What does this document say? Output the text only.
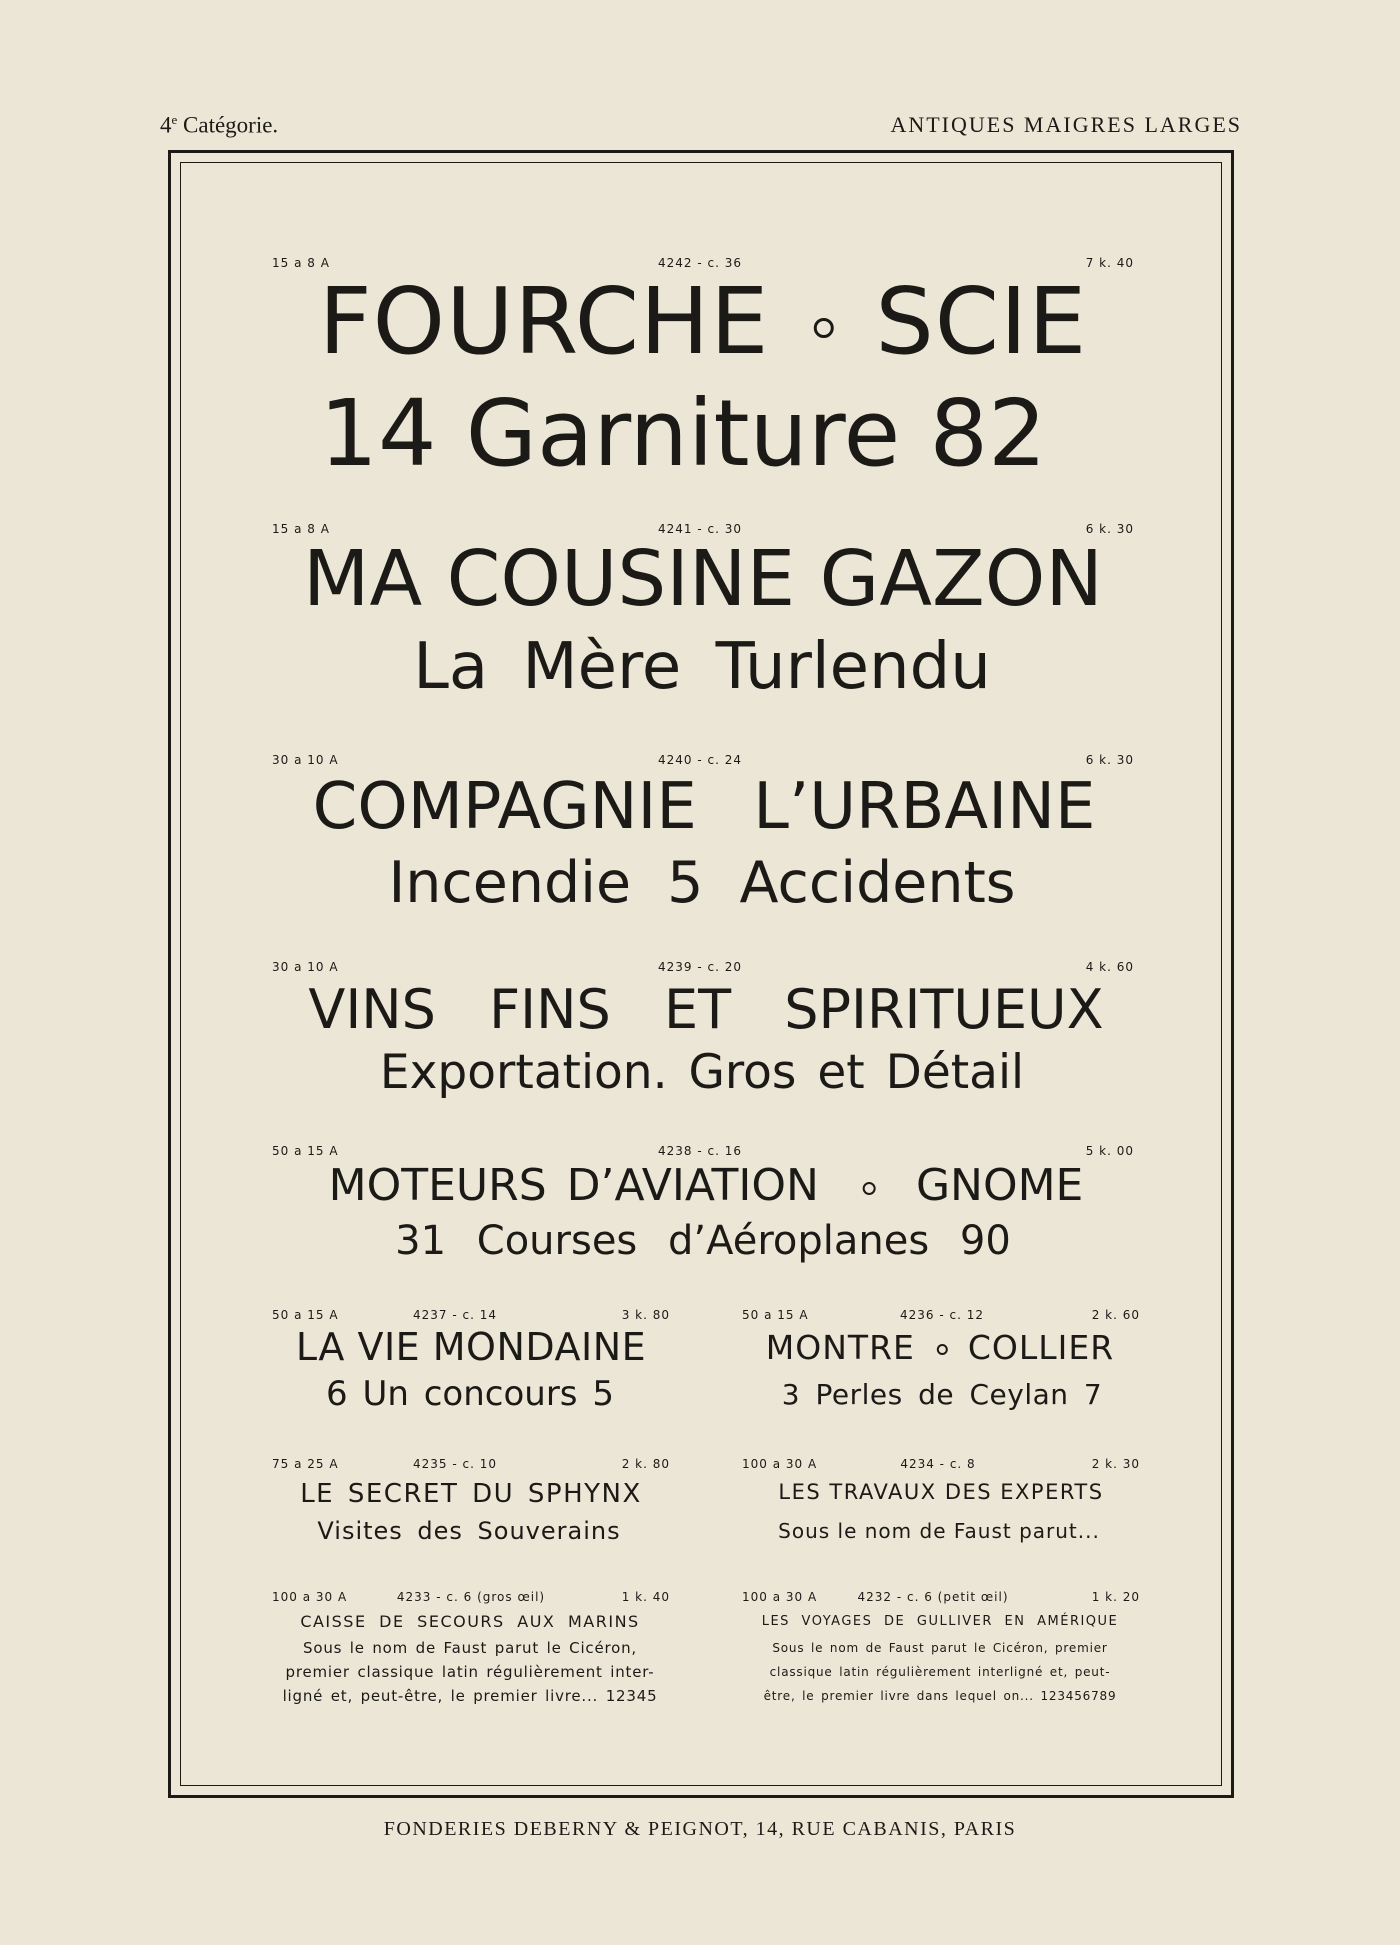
4e Catégorie.	ANTIQUES MAIGRES LARGES
15 a 8 A	4242 - c. 36	7 k. 40
FOURCHE SCIE
14 Garniture 82
15 a 8 A	4241 - c. 30	6 k. 30
MA COUSINE GAZON
La Mère Turlendu
30 a 10 A	4240 - c. 24	6 k. 30
COMPAGNIE L’URBAINE
Incendie 5 Accidents
30 a 10 A	4239 - c. 20	4 k. 60
VINS FINS ET SPIRITUEUX
Exportation. Gros et Détail
50 a 15 A	4238 - c. 16	5 k. 00
MOTEURS D’AVIATION GNOME
31 Courses d’Aéroplanes 90
50 a 15 A	4237 - c. 14	3 k. 80
LA VIE MONDAINE
6 Un concours 5
50 a 15 A	4236 - c. 12	2 k. 60
MONTRE COLLIER
3 Perles de Ceylan 7
75 a 25 A	4235 - c. 10	2 k. 80
LE SECRET DU SPHYNX
Visites des Souverains
100 a 30 A	4234 - c. 8	2 k. 30
LES TRAVAUX DES EXPERTS
Sous le nom de Faust parut...
100 a 30 A	4233 - c. 6 (gros œil)	1 k. 40
CAISSE DE SECOURS AUX MARINS
Sous le nom de Faust parut le Cicéron,
premier classique latin régulièrement inter-
ligné et, peut-être, le premier livre... 12345
100 a 30 A	4232 - c. 6 (petit œil)	1 k. 20
LES VOYAGES DE GULLIVER EN AMÉRIQUE
Sous le nom de Faust parut le Cicéron, premier
classique latin régulièrement interligné et, peut-
être, le premier livre dans lequel on... 123456789
FONDERIES DEBERNY & PEIGNOT, 14, RUE CABANIS, PARIS
